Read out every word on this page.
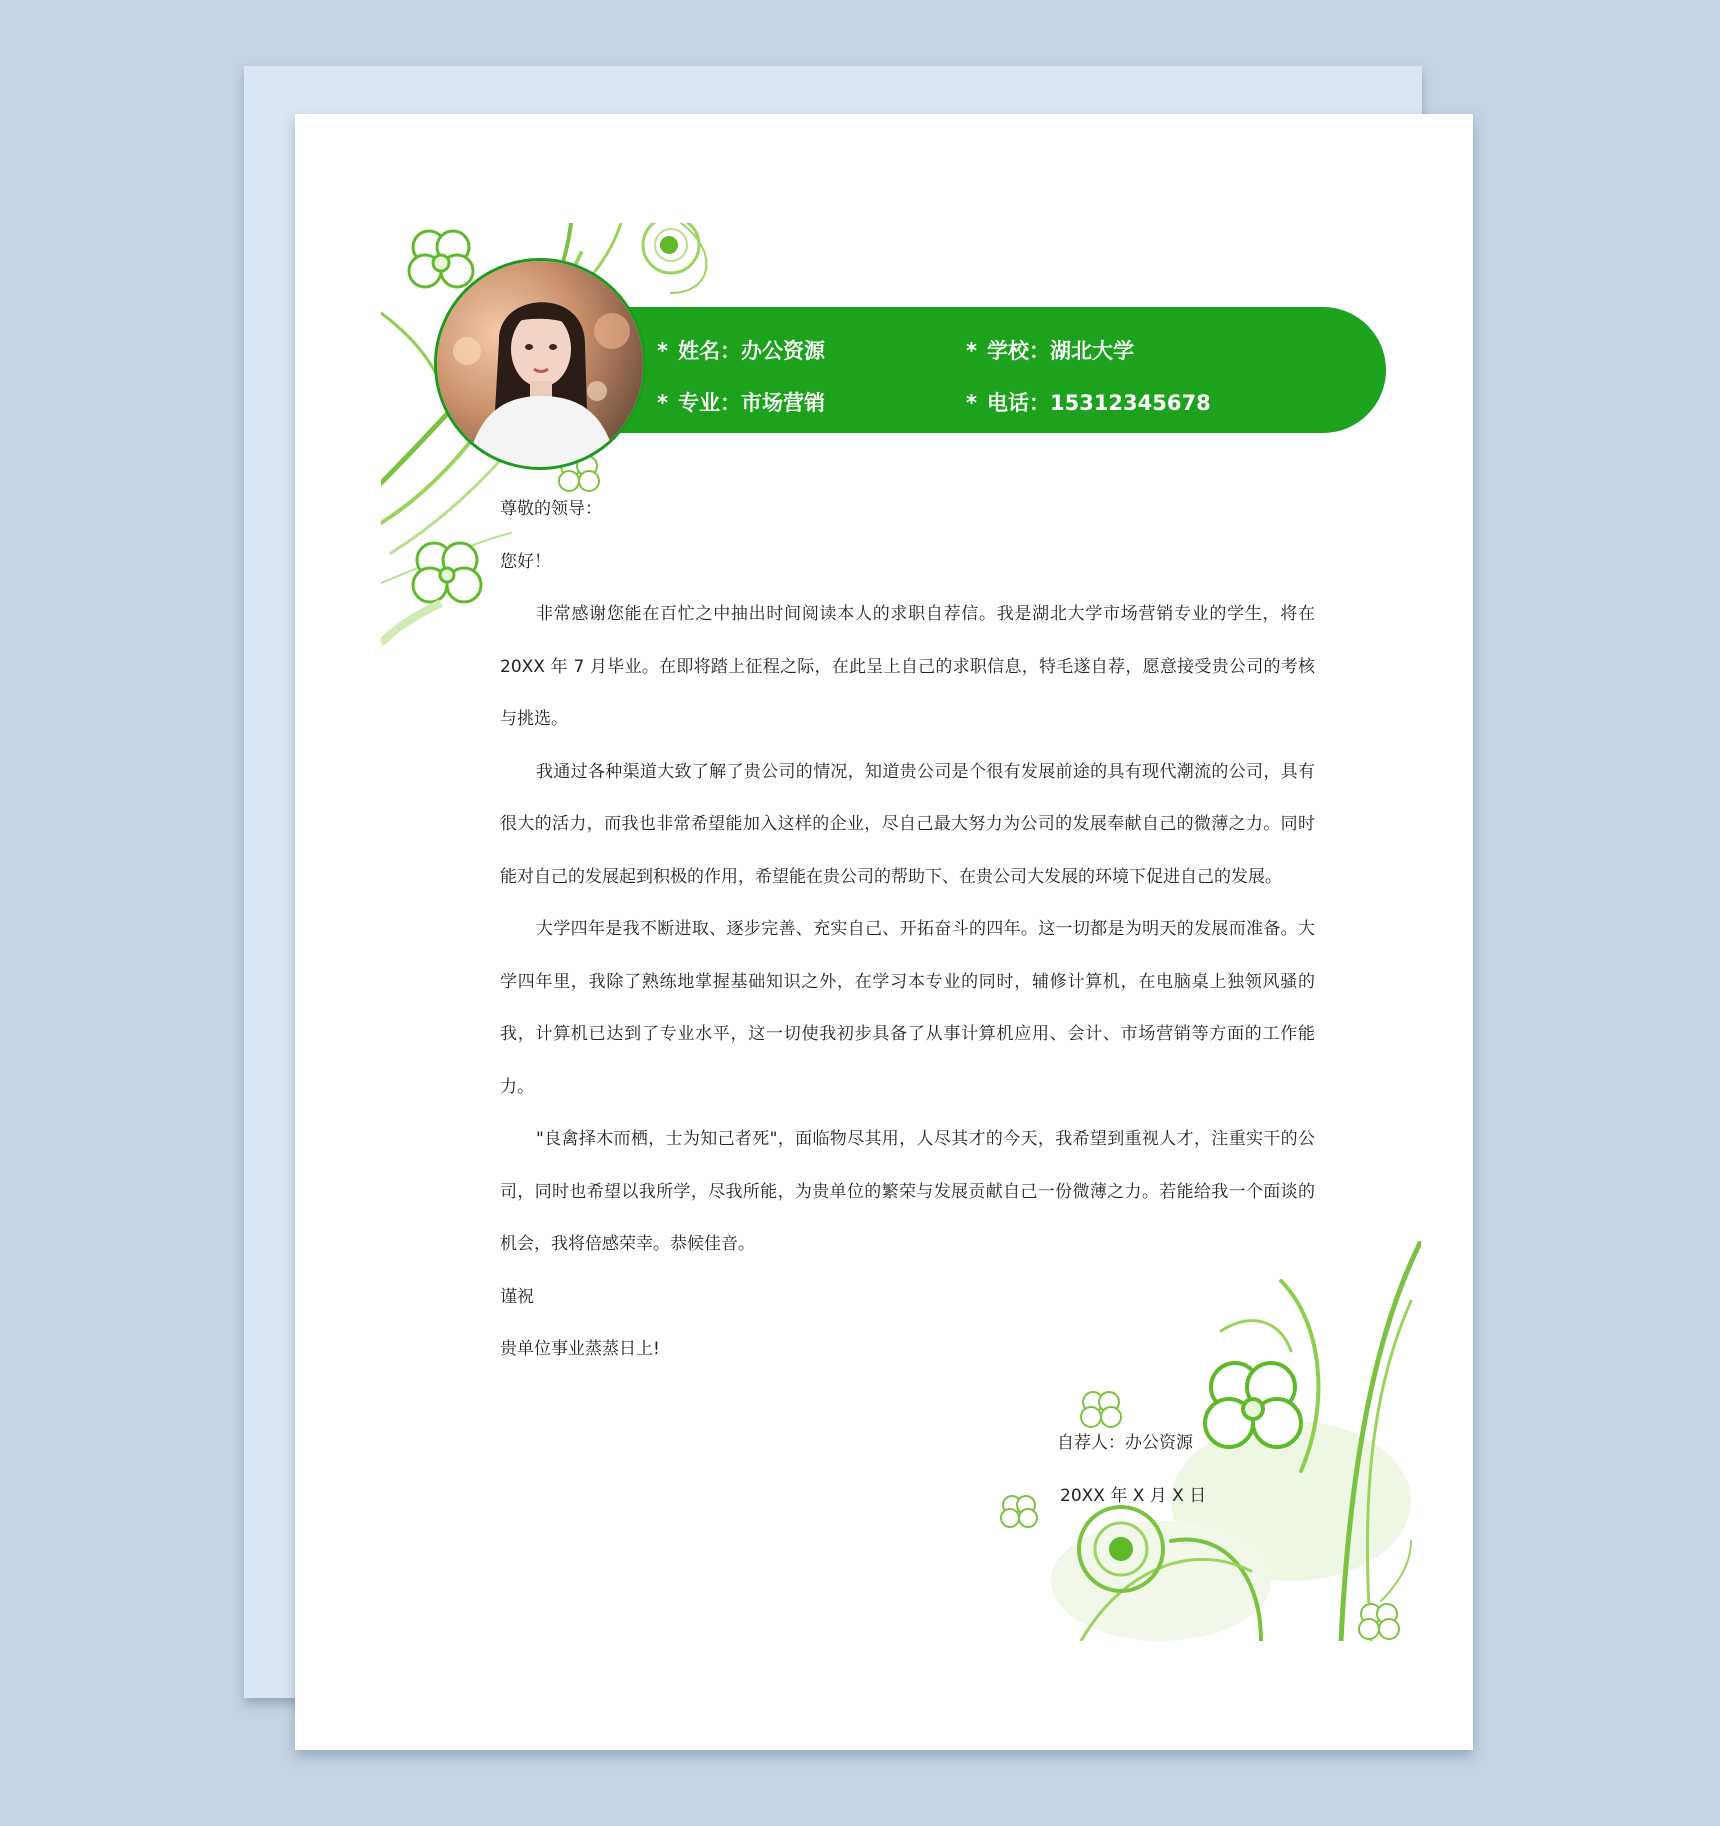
* 姓名：办公资源	* 学校：湖北大学
* 专业：市场营销	* 电话：15312345678

尊敬的领导：

您好！

非常感谢您能在百忙之中抽出时间阅读本人的求职自荐信。我是湖北大学市场营销专业的学生，将在 20XX 年 7 月毕业。在即将踏上征程之际，在此呈上自己的求职信息，特毛遂自荐，愿意接受贵公司的考核与挑选。

我通过各种渠道大致了解了贵公司的情况，知道贵公司是个很有发展前途的具有现代潮流的公司，具有很大的活力，而我也非常希望能加入这样的企业，尽自己最大努力为公司的发展奉献自己的微薄之力。同时能对自己的发展起到积极的作用，希望能在贵公司的帮助下、在贵公司大发展的环境下促进自己的发展。

大学四年是我不断进取、逐步完善、充实自己、开拓奋斗的四年。这一切都是为明天的发展而准备。大学四年里，我除了熟练地掌握基础知识之外，在学习本专业的同时，辅修计算机，在电脑桌上独领风骚的我，计算机已达到了专业水平，这一切使我初步具备了从事计算机应用、会计、市场营销等方面的工作能力。

"良禽择木而栖，士为知己者死"，面临物尽其用，人尽其才的今天，我希望到重视人才，注重实干的公司，同时也希望以我所学，尽我所能，为贵单位的繁荣与发展贡献自己一份微薄之力。若能给我一个面谈的机会，我将倍感荣幸。恭候佳音。

谨祝

贵单位事业蒸蒸日上!

自荐人：办公资源
20XX 年 X 月 X 日
